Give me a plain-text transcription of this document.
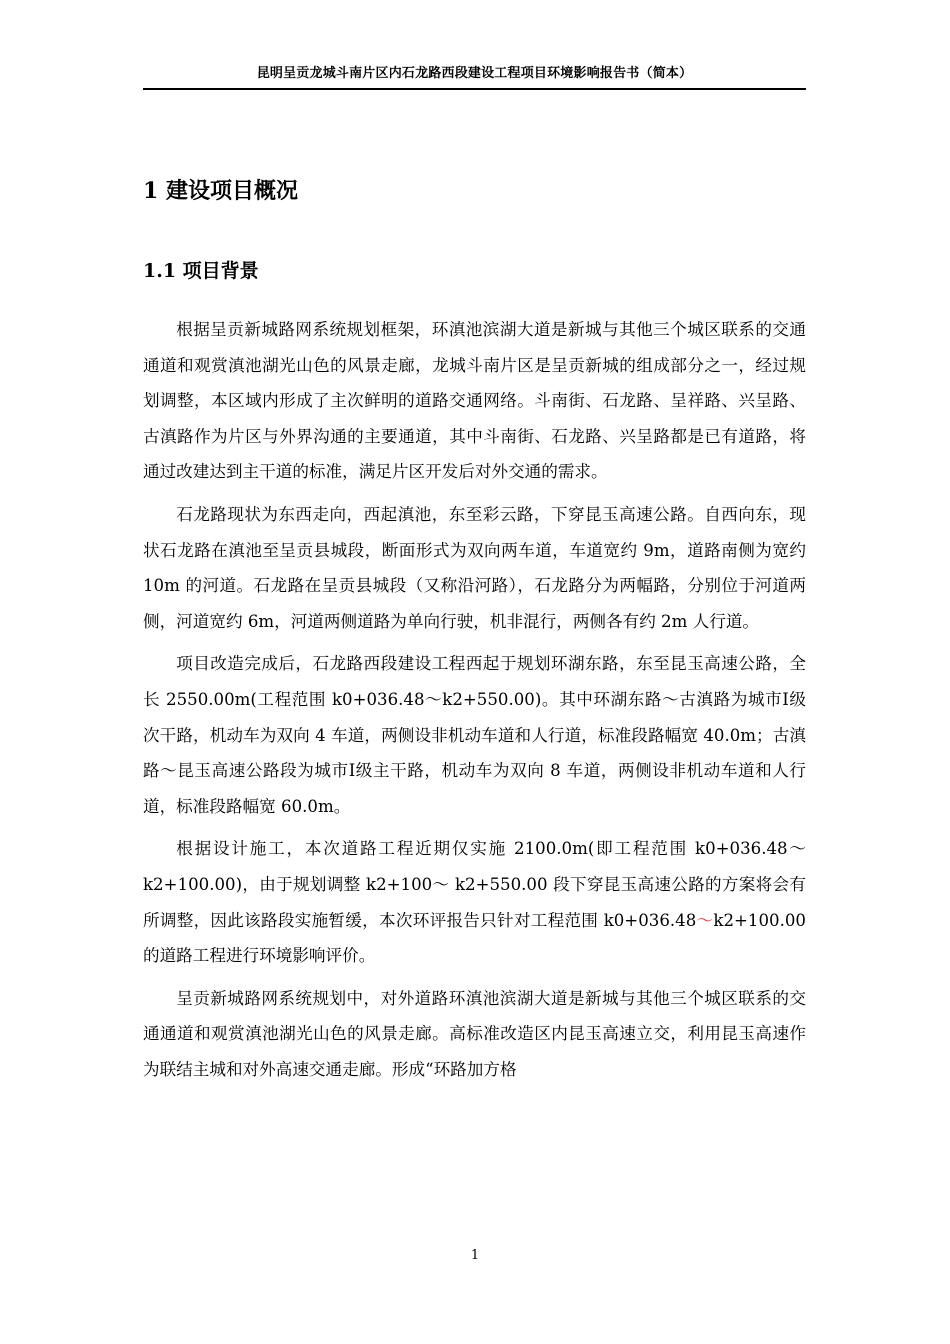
昆明呈贡龙城斗南片区内石龙路西段建设工程项目环境影响报告书（简本）
1 建设项目概况
1.1 项目背景

根据呈贡新城路网系统规划框架，环滇池滨湖大道是新城与其他三个城区联系的交通通道和观赏滇池湖光山色的风景走廊，龙城斗南片区是呈贡新城的组成部分之一，经过规划调整，本区域内形成了主次鲜明的道路交通网络。斗南街、石龙路、呈祥路、兴呈路、古滇路作为片区与外界沟通的主要通道，其中斗南街、石龙路、兴呈路都是已有道路，将通过改建达到主干道的标准，满足片区开发后对外交通的需求。

石龙路现状为东西走向，西起滇池，东至彩云路，下穿昆玉高速公路。自西向东，现状石龙路在滇池至呈贡县城段，断面形式为双向两车道，车道宽约 9m，道路南侧为宽约 10m 的河道。石龙路在呈贡县城段（又称沿河路），石龙路分为两幅路，分别位于河道两侧，河道宽约 6m，河道两侧道路为单向行驶，机非混行，两侧各有约 2m 人行道。

项目改造完成后，石龙路西段建设工程西起于规划环湖东路，东至昆玉高速公路，全长 2550.00m(工程范围 k0+036.48～k2+550.00)。其中环湖东路～古滇路为城市Ⅰ级次干路，机动车为双向 4 车道，两侧设非机动车道和人行道，标准段路幅宽 40.0m；古滇路～昆玉高速公路段为城市Ⅰ级主干路，机动车为双向 8 车道，两侧设非机动车道和人行道，标准段路幅宽 60.0m。

根据设计施工，本次道路工程近期仅实施 2100.0m(即工程范围 k0+036.48～k2+100.00)，由于规划调整 k2+100～ k2+550.00 段下穿昆玉高速公路的方案将会有所调整，因此该路段实施暂缓，本次环评报告只针对工程范围 k0+036.48～k2+100.00 的道路工程进行环境影响评价。

呈贡新城路网系统规划中，对外道路环滇池滨湖大道是新城与其他三个城区联系的交通通道和观赏滇池湖光山色的风景走廊。高标准改造区内昆玉高速立交，利用昆玉高速作为联结主城和对外高速交通走廊。形成“环路加方格

1
